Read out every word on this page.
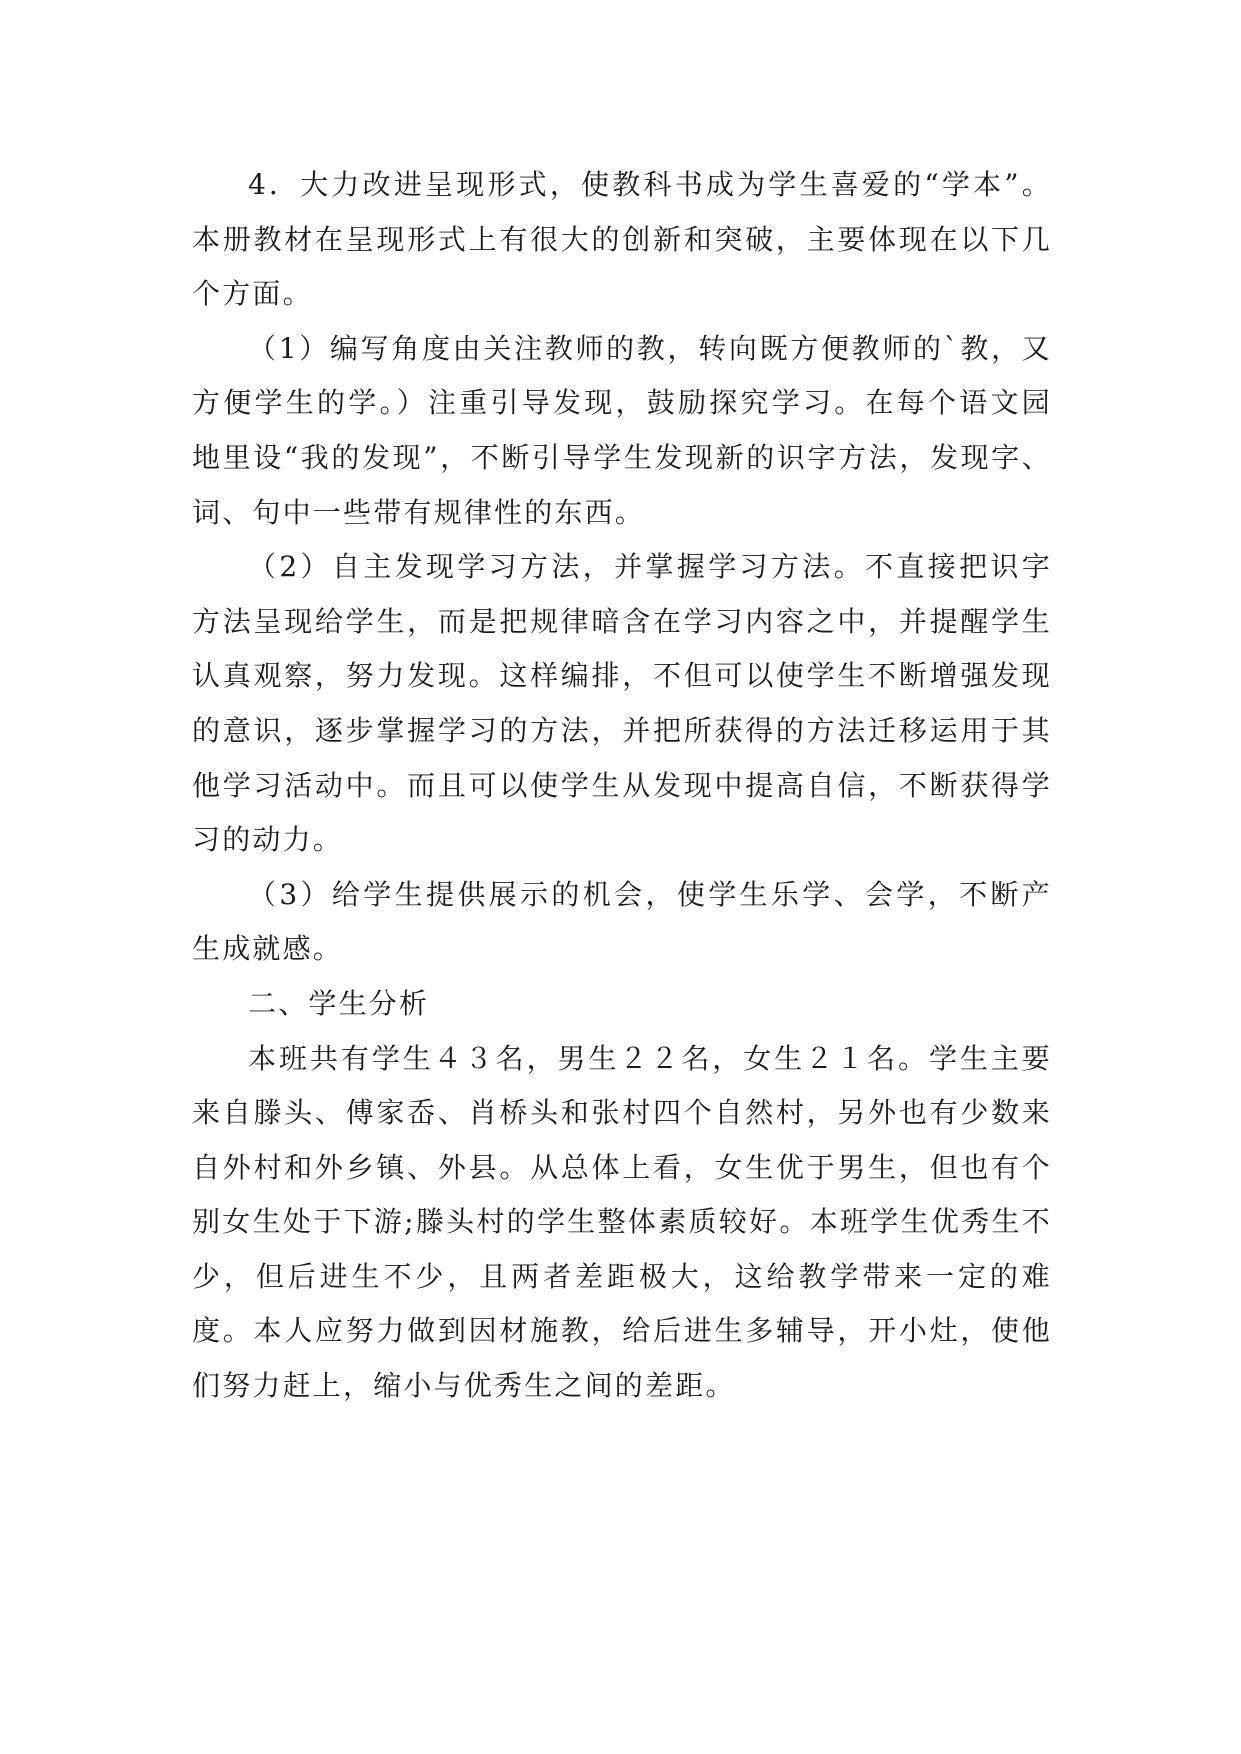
4．大力改进呈现形式，使教科书成为学生喜爱的“学本”。本册教材在呈现形式上有很大的创新和突破，主要体现在以下几个方面。

（1）编写角度由关注教师的教，转向既方便教师的`教，又方便学生的学。）注重引导发现，鼓励探究学习。在每个语文园地里设“我的发现”，不断引导学生发现新的识字方法，发现字、词、句中一些带有规律性的东西。

（2）自主发现学习方法，并掌握学习方法。不直接把识字方法呈现给学生，而是把规律暗含在学习内容之中，并提醒学生认真观察，努力发现。这样编排，不但可以使学生不断增强发现的意识，逐步掌握学习的方法，并把所获得的方法迁移运用于其他学习活动中。而且可以使学生从发现中提高自信，不断获得学习的动力。

（3）给学生提供展示的机会，使学生乐学、会学，不断产生成就感。

二、学生分析

本班共有学生４３名，男生２２名，女生２１名。学生主要来自滕头、傅家岙、肖桥头和张村四个自然村，另外也有少数来自外村和外乡镇、外县。从总体上看，女生优于男生，但也有个别女生处于下游;滕头村的学生整体素质较好。本班学生优秀生不少，但后进生不少，且两者差距极大，这给教学带来一定的难度。本人应努力做到因材施教，给后进生多辅导，开小灶，使他们努力赶上，缩小与优秀生之间的差距。
